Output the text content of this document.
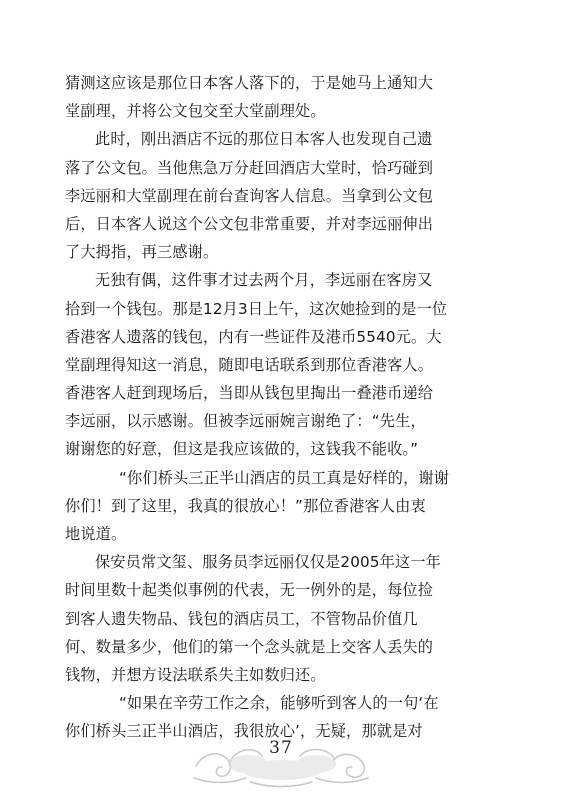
猜测这应该是那位日本客人落下的，于是她马上通知大
堂副理，并将公文包交至大堂副理处。
此时，刚出酒店不远的那位日本客人也发现自己遗
落了公文包。当他焦急万分赶回酒店大堂时，恰巧碰到
李远丽和大堂副理在前台查询客人信息。当拿到公文包
后，日本客人说这个公文包非常重要，并对李远丽伸出
了大拇指，再三感谢。
无独有偶，这件事才过去两个月，李远丽在客房又
拾到一个钱包。那是12月3日上午，这次她捡到的是一位
香港客人遗落的钱包，内有一些证件及港币5540元。大
堂副理得知这一消息，随即电话联系到那位香港客人。
香港客人赶到现场后，当即从钱包里掏出一叠港币递给
李远丽，以示感谢。但被李远丽婉言谢绝了：“先生，
谢谢您的好意，但这是我应该做的，这钱我不能收。”
“你们桥头三正半山酒店的员工真是好样的，谢谢
你们！到了这里，我真的很放心！”那位香港客人由衷
地说道。
保安员常文玺、服务员李远丽仅仅是2005年这一年
时间里数十起类似事例的代表，无一例外的是，每位捡
到客人遗失物品、钱包的酒店员工，不管物品价值几
何、数量多少，他们的第一个念头就是上交客人丢失的
钱物，并想方设法联系失主如数归还。
“如果在辛劳工作之余，能够听到客人的一句‘在
你们桥头三正半山酒店，我很放心’，无疑，那就是对
37
